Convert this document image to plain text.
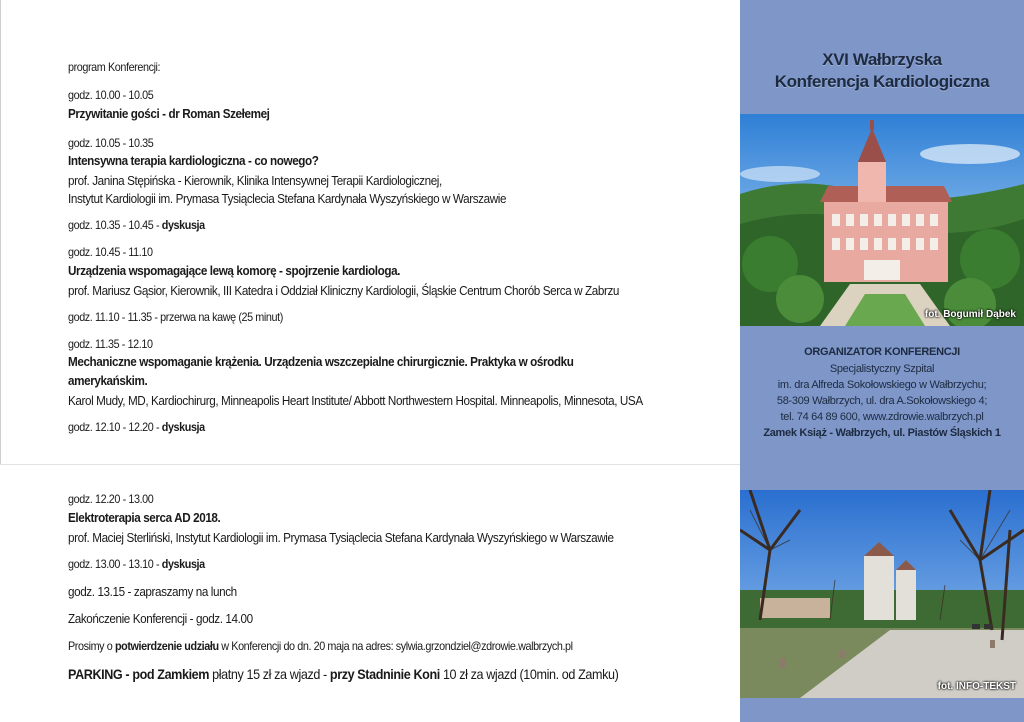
program Konferencji:
godz. 10.00 - 10.05
Przywitanie gości - dr Roman Szełemej
godz. 10.05 - 10.35
Intensywna terapia kardiologiczna - co nowego?
prof. Janina Stępińska - Kierownik, Klinika Intensywnej Terapii Kardiologicznej,
Instytut Kardiologii im. Prymasa Tysiąclecia Stefana Kardynała Wyszyńskiego w Warszawie
godz. 10.35 - 10.45 - dyskusja
godz. 10.45 - 11.10
Urządzenia wspomagające lewą komorę - spojrzenie kardiologa.
prof. Mariusz Gąsior, Kierownik, III Katedra i Oddział Kliniczny Kardiologii, Śląskie Centrum Chorób Serca w Zabrzu
godz. 11.10 - 11.35 - przerwa na kawę (25 minut)
godz. 11.35 - 12.10
Mechaniczne wspomaganie krążenia. Urządzenia wszczepialne chirurgicznie. Praktyka w ośrodku
amerykańskim.
Karol Mudy, MD, Kardiochirurg, Minneapolis Heart Institute/ Abbott Northwestern Hospital. Minneapolis, Minnesota, USA
godz. 12.10 - 12.20 - dyskusja
godz. 12.20 - 13.00
Elektroterapia serca AD 2018.
prof. Maciej Sterliński, Instytut Kardiologii im. Prymasa Tysiąclecia Stefana Kardynała Wyszyńskiego w Warszawie
godz. 13.00 - 13.10 - dyskusja
godz. 13.15 - zapraszamy na lunch
Zakończenie Konferencji - godz. 14.00
Prosimy o potwierdzenie udziału w Konferencji do dn. 20 maja na adres: sylwia.grzondziel@zdrowie.walbrzych.pl
PARKING - pod Zamkiem płatny 15 zł za wjazd - przy Stadninie Koni 10 zł za wjazd (10min. od Zamku)
XVI Wałbrzyska
Konferencja Kardiologiczna
fot. Bogumił Dąbek
ORGANIZATOR KONFERENCJI
Specjalistyczny Szpital
im. dra Alfreda Sokołowskiego w Wałbrzychu;
58-309 Wałbrzych, ul. dra A.Sokołowskiego 4;
tel. 74 64 89 600, www.zdrowie.walbrzych.pl
Zamek Książ - Wałbrzych, ul. Piastów Śląskich 1
fot. INFO-TEKST
